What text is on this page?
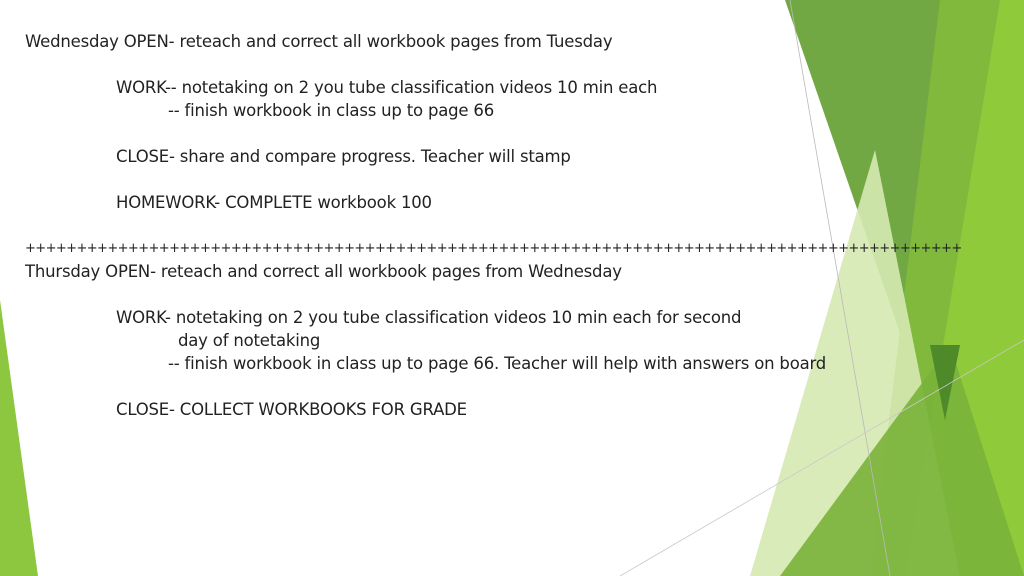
Wednesday OPEN- reteach and correct all workbook pages from Tuesday
WORK-- notetaking on 2 you tube classification videos 10 min each
-- finish workbook in class up to page 66
CLOSE- share and compare progress. Teacher will stamp
HOMEWORK- COMPLETE workbook 100
+++++++++++++++++++++++++++++++++++++++++++++++++++++++++++++++++++++++++++++++++++++++++++
Thursday OPEN- reteach and correct all workbook pages from Wednesday
WORK- notetaking on 2 you tube classification videos 10 min each for second
day of notetaking
-- finish workbook in class up to page 66. Teacher will help with answers on board
CLOSE- COLLECT WORKBOOKS FOR GRADE
